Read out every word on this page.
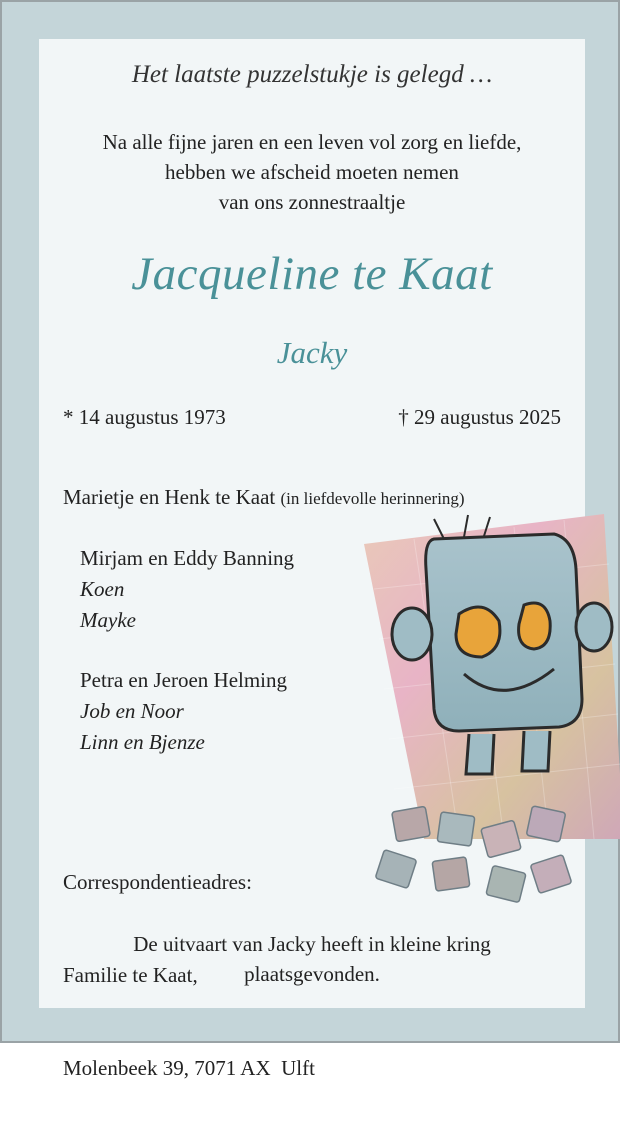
Het laatste puzzelstukje is gelegd …
Na alle fijne jaren en een leven vol zorg en liefde,
hebben we afscheid moeten nemen
van ons zonnestraaltje
Jacqueline te Kaat
Jacky
* 14 augustus 1973	† 29 augustus 2025
Marietje en Henk te Kaat (in liefdevolle herinnering)
Mirjam en Eddy Banning
Koen
Mayke
Petra en Jeroen Helming
Job en Noor
Linn en Bjenze

Correspondentieadres:

Familie te Kaat,

Molenbeek 39, 7071 AX  Ulft

De uitvaart van Jacky heeft in kleine kring
plaatsgevonden.
